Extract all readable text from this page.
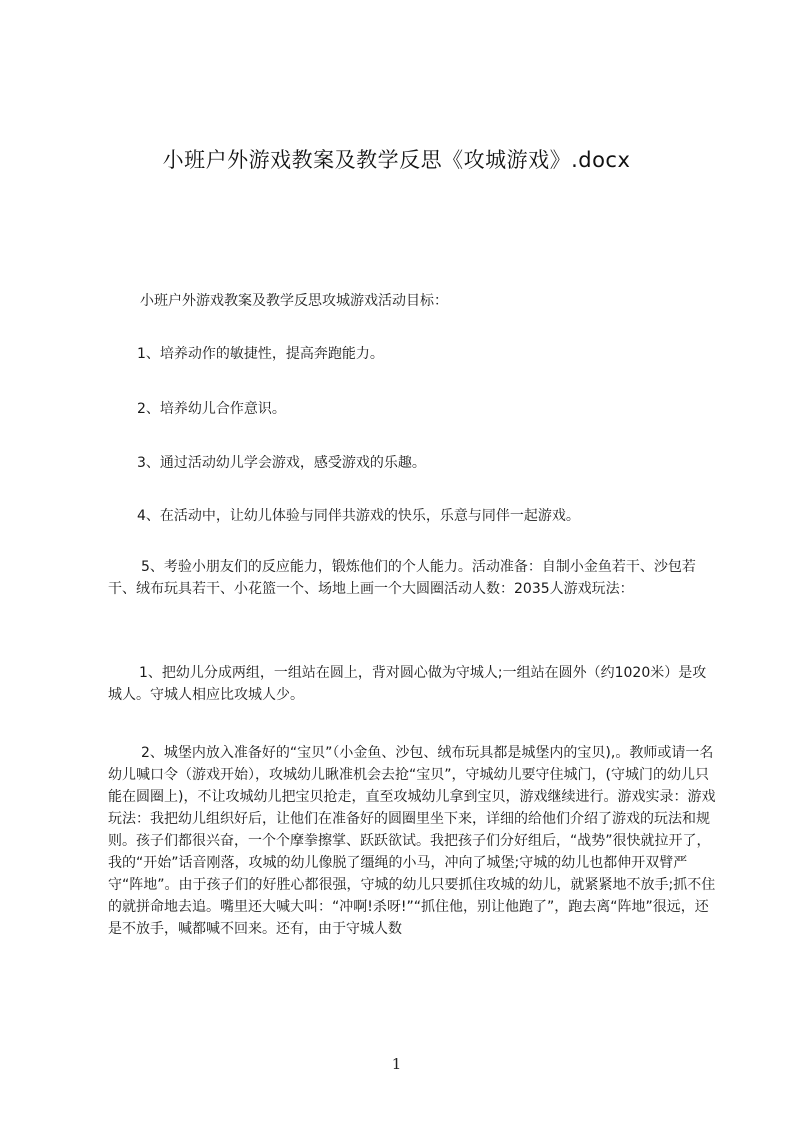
小班户外游戏教案及教学反思《攻城游戏》.docx

小班户外游戏教案及教学反思攻城游戏活动目标：

1、培养动作的敏捷性，提高奔跑能力。

2、培养幼儿合作意识。

3、通过活动幼儿学会游戏，感受游戏的乐趣。

4、在活动中，让幼儿体验与同伴共游戏的快乐，乐意与同伴一起游戏。

5、考验小朋友们的反应能力，锻炼他们的个人能力。活动准备：自制小金鱼若干、沙包若干、绒布玩具若干、小花篮一个、场地上画一个大圆圈活动人数：2035人游戏玩法：

1、把幼儿分成两组，一组站在圆上，背对圆心做为守城人;一组站在圆外（约1020米）是攻城人。守城人相应比攻城人少。

2、城堡内放入准备好的“宝贝”（小金鱼、沙包、绒布玩具都是城堡内的宝贝),。教师或请一名幼儿喊口令（游戏开始），攻城幼儿瞅准机会去抢“宝贝”，守城幼儿要守住城门，(守城门的幼儿只能在圆圈上)，不让攻城幼儿把宝贝抢走，直至攻城幼儿拿到宝贝，游戏继续进行。游戏实录：游戏玩法：我把幼儿组织好后，让他们在准备好的圆圈里坐下来，详细的给他们介绍了游戏的玩法和规则。孩子们都很兴奋，一个个摩拳擦掌、跃跃欲试。我把孩子们分好组后，“战势”很快就拉开了，我的“开始”话音刚落，攻城的幼儿像脱了缰绳的小马，冲向了城堡;守城的幼儿也都伸开双臂严守“阵地”。由于孩子们的好胜心都很强，守城的幼儿只要抓住攻城的幼儿，就紧紧地不放手;抓不住的就拼命地去追。嘴里还大喊大叫：“冲啊!杀呀!”“抓住他，别让他跑了”，跑去离“阵地”很远，还是不放手，喊都喊不回来。还有，由于守城人数

1
